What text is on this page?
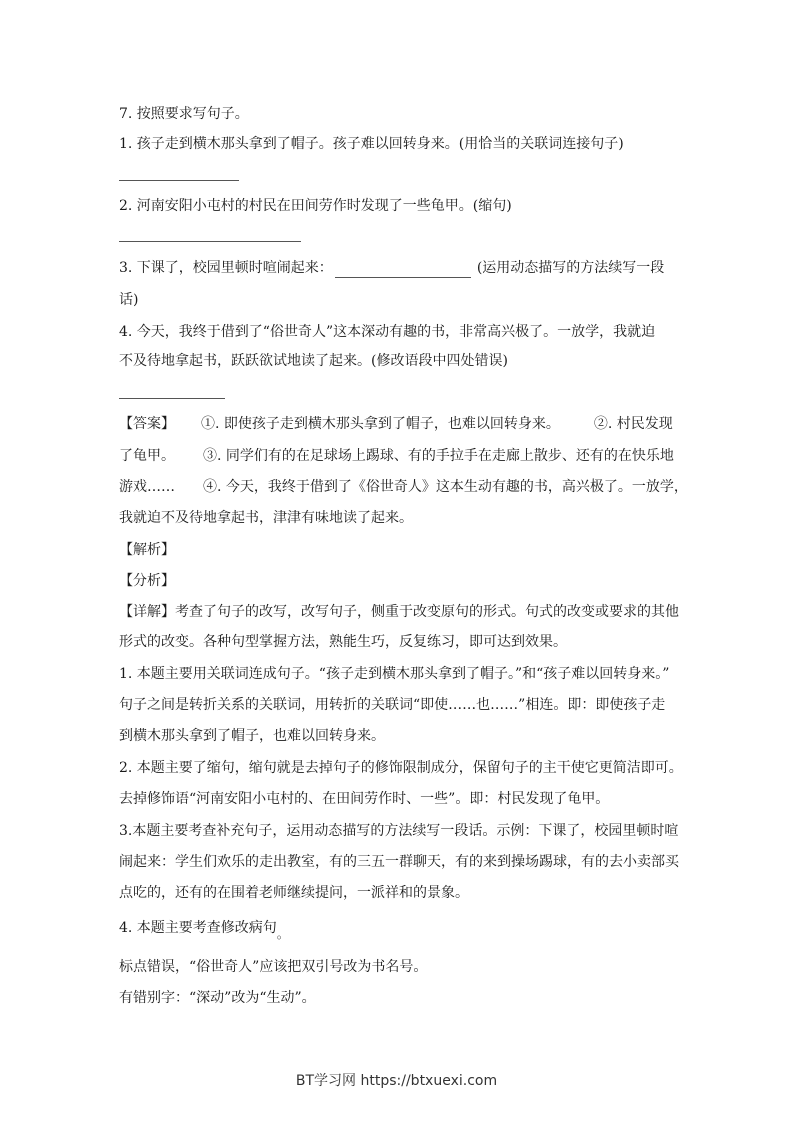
7. 按照要求写句子。
1. 孩子走到横木那头拿到了帽子。孩子难以回转身来。(用恰当的关联词连接句子)
2. 河南安阳小屯村的村民在田间劳作时发现了一些龟甲。(缩句)
3. 下课了，校园里顿时喧闹起来：	(运用动态描写的方法续写一段
话)
4. 今天，我终于借到了“俗世奇人”这本深动有趣的书，非常高兴极了。一放学，我就迫
不及待地拿起书，跃跃欲试地读了起来。(修改语段中四处错误)
【答案】 ①. 即使孩子走到横木那头拿到了帽子，也难以回转身来。 ②. 村民发现
了龟甲。 ③. 同学们有的在足球场上踢球、有的手拉手在走廊上散步、还有的在快乐地
游戏…… ④. 今天，我终于借到了《俗世奇人》这本生动有趣的书，高兴极了。一放学，
我就迫不及待地拿起书，津津有味地读了起来。
【解析】
【分析】
【详解】考查了句子的改写，改写句子，侧重于改变原句的形式。句式的改变或要求的其他
形式的改变。各种句型掌握方法，熟能生巧，反复练习，即可达到效果。
1. 本题主要用关联词连成句子。“孩子走到横木那头拿到了帽子。”和“孩子难以回转身来。”
句子之间是转折关系的关联词，用转折的关联词“即使……也……”相连。即：即使孩子走
到横木那头拿到了帽子，也难以回转身来。
2. 本题主要了缩句，缩句就是去掉句子的修饰限制成分，保留句子的主干使它更简洁即可。
去掉修饰语“河南安阳小屯村的、在田间劳作时、一些”。即：村民发现了龟甲。
3.本题主要考查补充句子，运用动态描写的方法续写一段话。示例：下课了，校园里顿时喧
闹起来：学生们欢乐的走出教室，有的三五一群聊天，有的来到操场踢球，有的去小卖部买
点吃的，还有的在围着老师继续提问，一派祥和的景象。
4. 本题主要考查修改病句。
标点错误，“俗世奇人”应该把双引号改为书名号。
有错别字：“深动”改为“生动”。
BT学习网 https://btxuexi.com
